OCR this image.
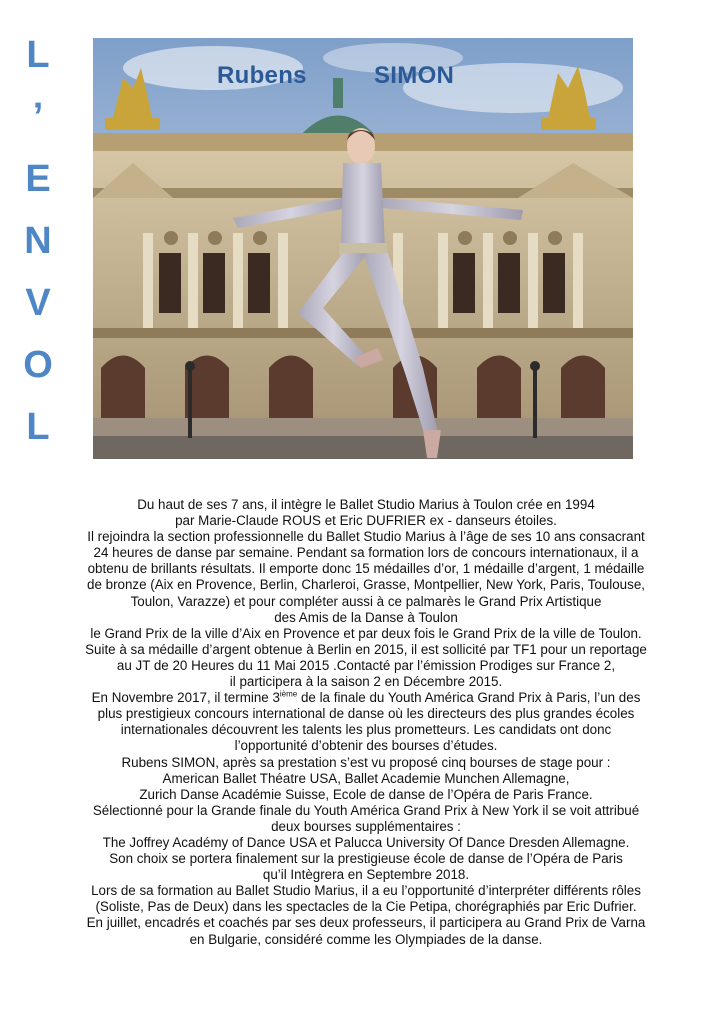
L
’
E
N
V
O
L
Rubens	SIMON

Du haut de ses 7 ans, il intègre le Ballet Studio Marius à Toulon crée en 1994

par Marie-Claude ROUS et Eric DUFRIER ex - danseurs étoiles.

Il rejoindra la section professionnelle du Ballet Studio Marius à l’âge de ses 10 ans consacrant

24 heures de danse par semaine. Pendant sa formation lors de concours internationaux, il a

obtenu de brillants résultats. Il emporte donc 15 médailles d’or, 1 médaille d’argent, 1 médaille

de bronze (Aix en Provence, Berlin, Charleroi, Grasse, Montpellier, New York, Paris, Toulouse,

Toulon, Varazze) et pour compléter aussi à ce palmarès le Grand Prix Artistique

des Amis de la Danse à Toulon

le Grand Prix de la ville d’Aix en Provence et par deux fois le Grand Prix de la ville de Toulon.

Suite à sa médaille d’argent obtenue à Berlin en 2015, il est sollicité par TF1 pour un reportage

au JT de 20 Heures du 11 Mai 2015 .Contacté par l’émission Prodiges sur France 2,

il participera à la saison 2 en Décembre 2015.

En Novembre 2017, il termine 3ième de la finale du Youth América Grand Prix à Paris, l’un des

plus prestigieux concours international de danse où les directeurs des plus grandes écoles

internationales découvrent les talents les plus prometteurs. Les candidats ont donc

l’opportunité d’obtenir des bourses d’études.

Rubens SIMON, après sa prestation s’est vu proposé cinq bourses de stage pour :

American Ballet Théatre USA, Ballet Academie Munchen Allemagne,

Zurich Danse Académie Suisse, Ecole de danse de l’Opéra de Paris France.

Sélectionné pour la Grande finale du Youth América Grand Prix à New York il se voit attribué

deux bourses supplémentaires :

The Joffrey Académy of Dance USA et Palucca University Of Dance Dresden Allemagne.

Son choix se portera finalement sur la prestigieuse école de danse de l’Opéra de Paris

qu’il Intègrera en Septembre 2018.

Lors de sa formation au Ballet Studio Marius, il a eu l’opportunité d’interpréter différents rôles

(Soliste, Pas de Deux) dans les spectacles de la Cie Petipa, chorégraphiés par Eric Dufrier.

En juillet, encadrés et coachés par ses deux professeurs, il participera au Grand Prix de Varna

en Bulgarie, considéré comme les Olympiades de la danse.
